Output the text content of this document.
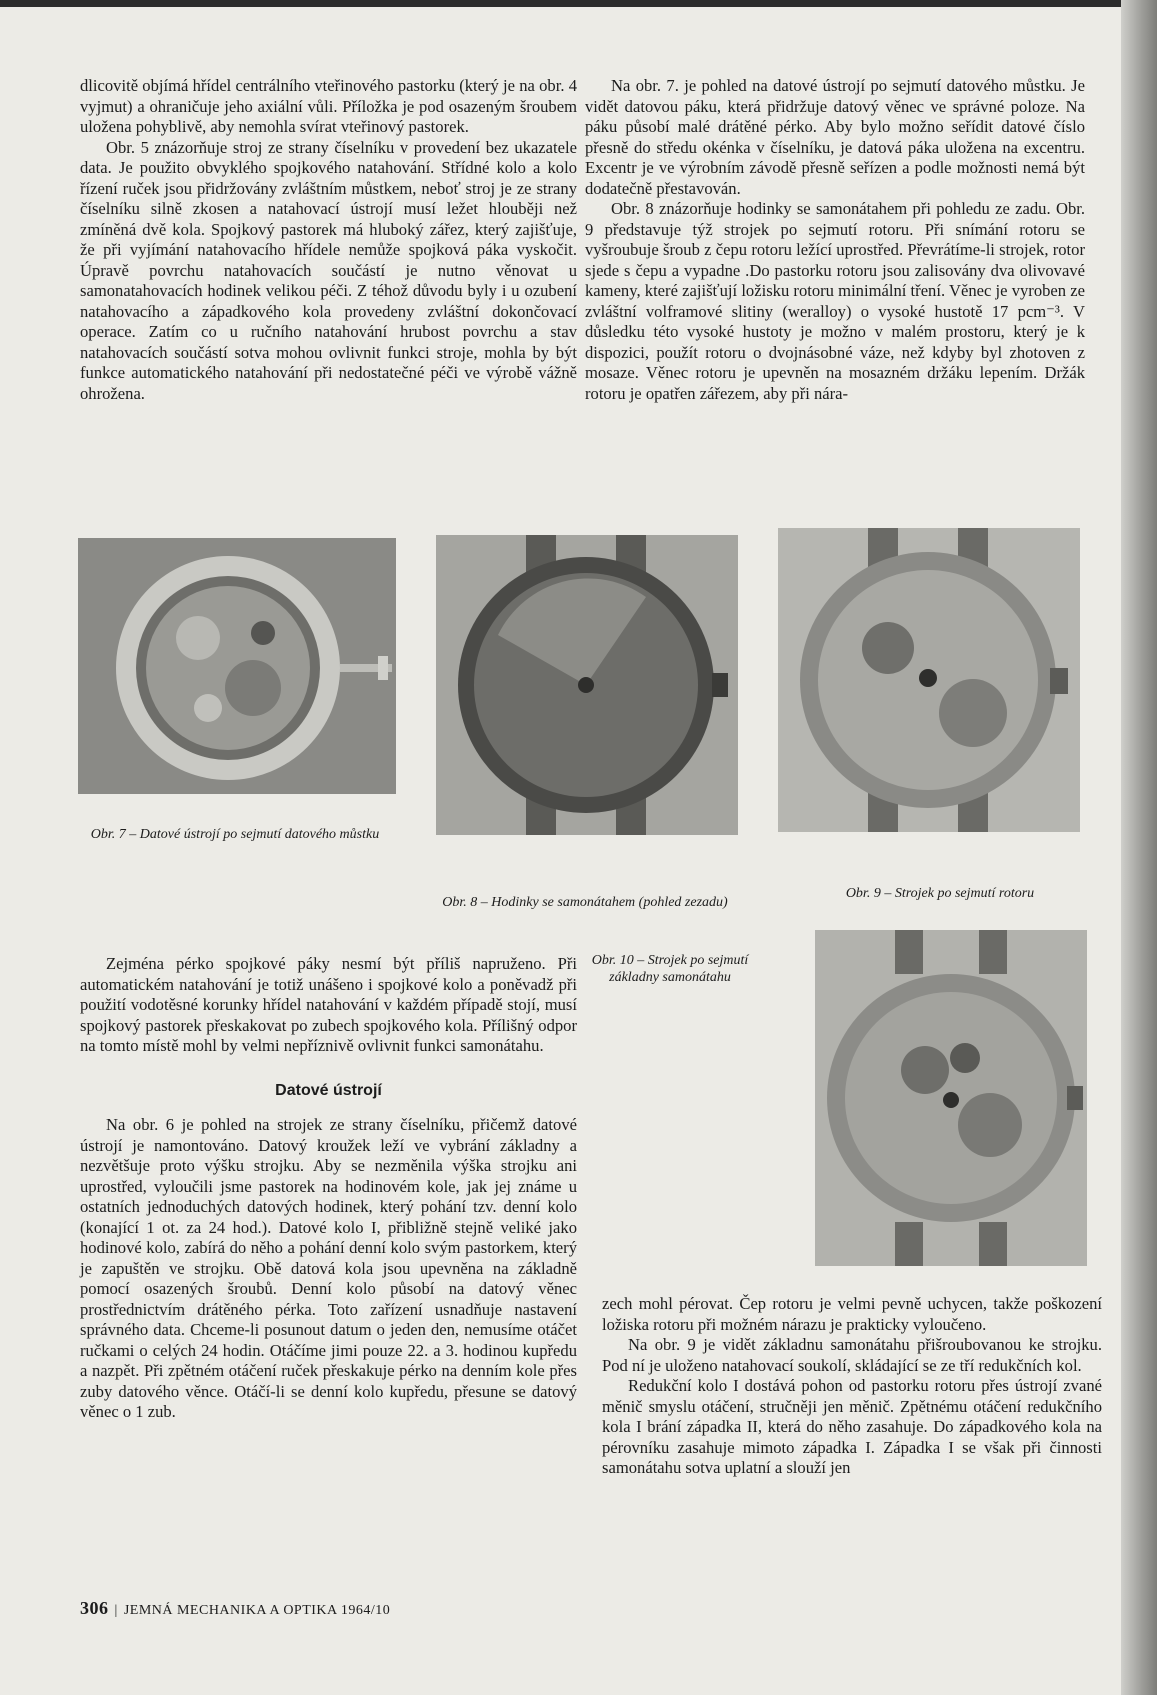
dlicovitě objímá hřídel centrálního vteřinového pastorku (který je na obr. 4 vyjmut) a ohraničuje jeho axiální vůli. Příložka je pod osazeným šroubem uložena pohyblivě, aby nemohla svírat vteřinový pastorek.

Obr. 5 znázorňuje stroj ze strany číselníku v provedení bez ukazatele data. Je použito obvyklého spojkového natahování. Střídné kolo a kolo řízení ruček jsou přidržovány zvláštním můstkem, neboť stroj je ze strany číselníku silně zkosen a natahovací ústrojí musí ležet hlouběji než zmíněná dvě kola. Spojkový pastorek má hluboký zářez, který zajišťuje, že při vyjímání natahovacího hřídele nemůže spojková páka vyskočit. Úpravě povrchu natahovacích součástí je nutno věnovat u samonatahovacích hodinek velikou péči. Z téhož důvodu byly i u ozubení natahovacího a západkového kola provedeny zvláštní dokončovací operace. Zatím co u ručního natahování hrubost povrchu a stav natahovacích součástí sotva mohou ovlivnit funkci stroje, mohla by být funkce automatického natahování při nedostatečné péči ve výrobě vážně ohrožena.

Na obr. 7. je pohled na datové ústrojí po sejmutí datového můstku. Je vidět datovou páku, která přidržuje datový věnec ve správné poloze. Na páku působí malé drátěné pérko. Aby bylo možno seřídit datové číslo přesně do středu okénka v číselníku, je datová páka uložena na excentru. Excentr je ve výrobním závodě přesně seřízen a podle možnosti nemá být dodatečně přestavován.

Obr. 8 znázorňuje hodinky se samonátahem při pohledu ze zadu. Obr. 9 představuje týž strojek po sejmutí rotoru. Při snímání rotoru se vyšroubuje šroub z čepu rotoru ležící uprostřed. Převrátíme-li strojek, rotor sjede s čepu a vypadne .Do pastorku rotoru jsou zalisovány dva olivovavé kameny, které zajišťují ložisku rotoru minimální tření. Věnec je vyroben ze zvláštní volframové slitiny (weralloy) o vysoké hustotě 17 pcm⁻³. V důsledku této vysoké hustoty je možno v malém prostoru, který je k dispozici, použít rotoru o dvojnásobné váze, než kdyby byl zhotoven z mosaze. Věnec rotoru je upevněn na mosazném držáku lepením. Držák rotoru je opatřen zářezem, aby při nára-

Obr. 7 – Datové ústrojí po sejmutí datového můstku
Obr. 8 – Hodinky se samonátahem (pohled zezadu)
Obr. 9 – Strojek po sejmutí rotoru
Obr. 10 – Strojek po sejmutí základny samonátahu

Zejména pérko spojkové páky nesmí být příliš napruženo. Při automatickém natahování je totiž unášeno i spojkové kolo a poněvadž při použití vodotěsné korunky hřídel natahování v každém případě stojí, musí spojkový pastorek přeskakovat po zubech spojkového kola. Přílišný odpor na tomto místě mohl by velmi nepříznivě ovlivnit funkci samonátahu.

Datové ústrojí

Na obr. 6 je pohled na strojek ze strany číselníku, přičemž datové ústrojí je namontováno. Datový kroužek leží ve vybrání základny a nezvětšuje proto výšku strojku. Aby se nezměnila výška strojku ani uprostřed, vyloučili jsme pastorek na hodinovém kole, jak jej známe u ostatních jednoduchých datových hodinek, který pohání tzv. denní kolo (konající 1 ot. za 24 hod.). Datové kolo I, přibližně stejně veliké jako hodinové kolo, zabírá do něho a pohání denní kolo svým pastorkem, který je zapuštěn ve strojku. Obě datová kola jsou upevněna na základně pomocí osazených šroubů. Denní kolo působí na datový věnec prostřednictvím drátěného pérka. Toto zařízení usnadňuje nastavení správného data. Chceme-li posunout datum o jeden den, nemusíme otáčet ručkami o celých 24 hodin. Otáčíme jimi pouze 22. a 3. hodinou kupředu a nazpět. Při zpětném otáčení ruček přeskakuje pérko na denním kole přes zuby datového věnce. Otáčí-li se denní kolo kupředu, přesune se datový věnec o 1 zub.

zech mohl pérovat. Čep rotoru je velmi pevně uchycen, takže poškození ložiska rotoru při možném nárazu je prakticky vyloučeno.

Na obr. 9 je vidět základnu samonátahu přišroubovanou ke strojku. Pod ní je uloženo natahovací soukolí, skládající se ze tří redukčních kol.

Redukční kolo I dostává pohon od pastorku rotoru přes ústrojí zvané měnič smyslu otáčení, stručněji jen měnič. Zpětnému otáčení redukčního kola I brání západka II, která do něho zasahuje. Do západkového kola na pérovníku zasahuje mimoto západka I. Západka I se však při činnosti samonátahu sotva uplatní a slouží jen

306 | JEMNÁ MECHANIKA A OPTIKA 1964/10
